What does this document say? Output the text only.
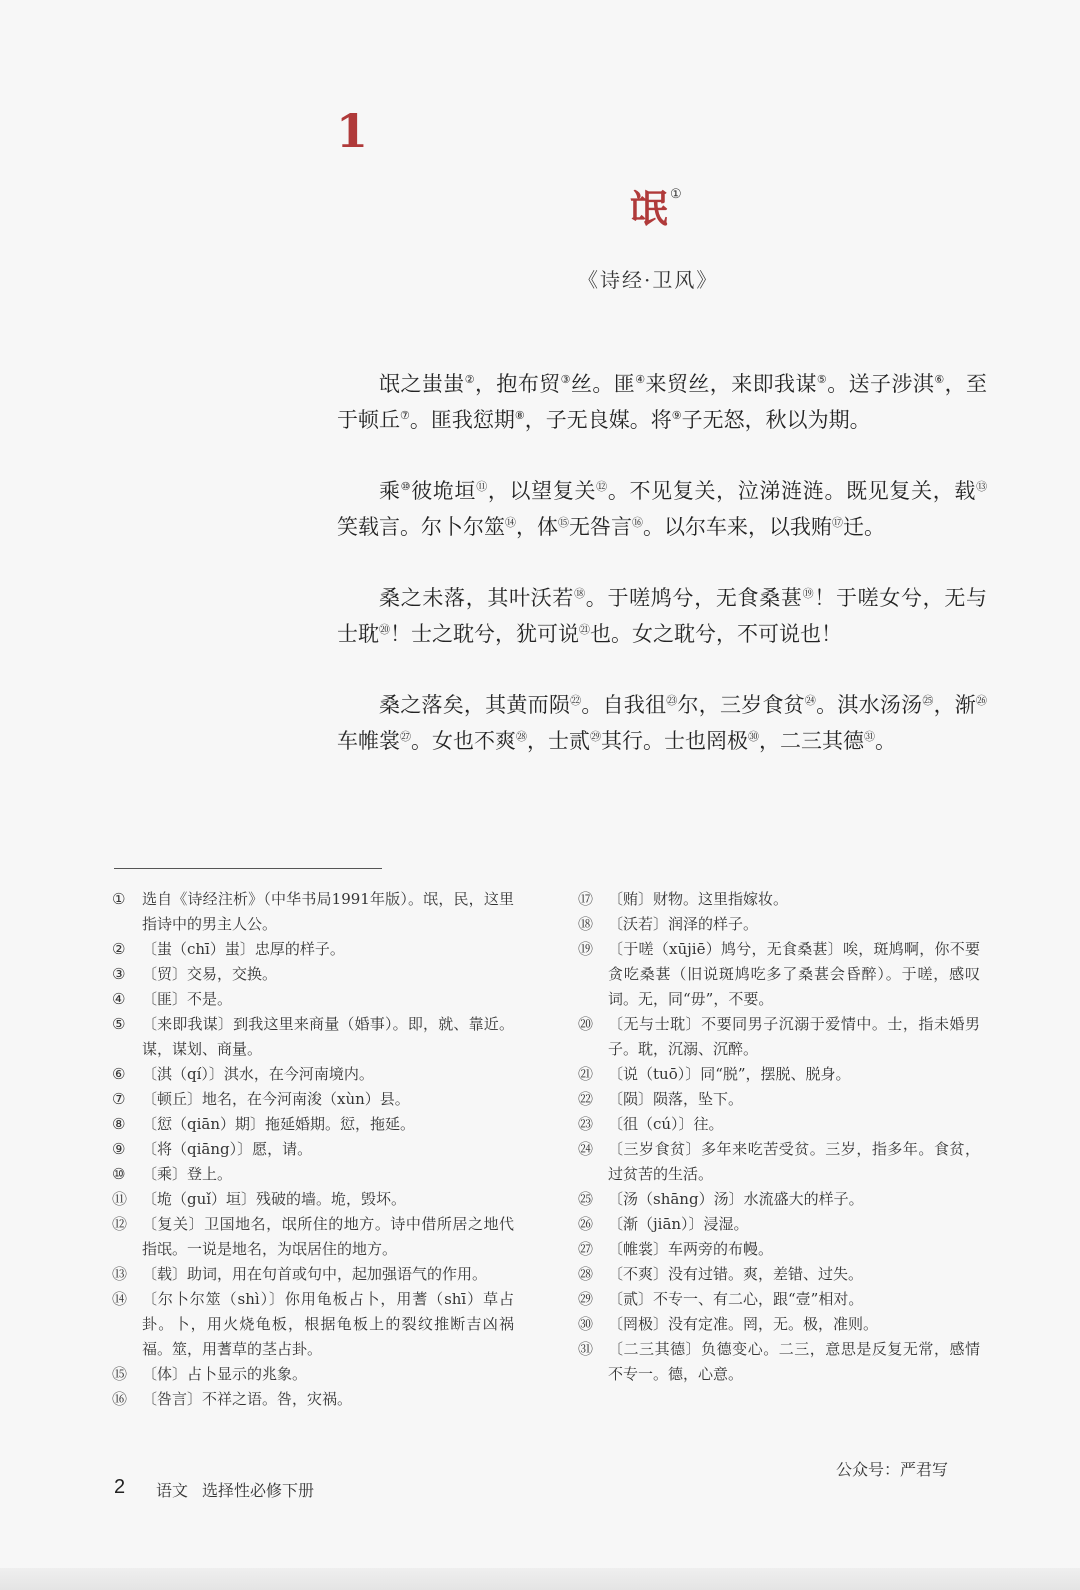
1
氓 ①
《诗经·卫风》

氓之蚩蚩②，抱布贸③丝。匪④来贸丝，来即我谋⑤。送子涉淇⑥，至于顿丘⑦。匪我愆期⑧，子无良媒。将⑨子无怒，秋以为期。

乘⑩彼垝垣⑪，以望复关⑫。不见复关，泣涕涟涟。既见复关，载⑬笑载言。尔卜尔筮⑭，体⑮无咎言⑯。以尔车来，以我贿⑰迁。

桑之未落，其叶沃若⑱。于嗟鸠兮，无食桑葚⑲！于嗟女兮，无与士耽⑳！士之耽兮，犹可说$^㉑$也。女之耽兮，不可说也！

桑之落矣，其黄而陨$^㉒$。自我徂$^㉓$尔，三岁食贫$^㉔$。淇水汤汤$^㉕$，渐$^㉖$车帷裳$^㉗$。女也不爽$^㉘$，士贰$^㉙$其行。士也罔极$^㉚$，二三其德$^㉛$。

①	选自《诗经注析》（中华书局1991年版）。氓，民，这里指诗中的男主人公。
②	〔蚩（chī）蚩〕忠厚的样子。
③	〔贸〕交易，交换。
④	〔匪〕不是。
⑤	〔来即我谋〕到我这里来商量（婚事）。即，就、靠近。谋，谋划、商量。
⑥	〔淇（qí）〕淇水，在今河南境内。
⑦	〔顿丘〕地名，在今河南浚（xùn）县。
⑧	〔愆（qiān）期〕拖延婚期。愆，拖延。
⑨	〔将（qiāng）〕愿，请。
⑩	〔乘〕登上。
⑪ 〔垝（guǐ）垣〕残破的墙。垝，毁坏。
⑫ 〔复关〕卫国地名，氓所住的地方。诗中借所居之地代指氓。一说是地名，为氓居住的地方。
⑬ 〔载〕助词，用在句首或句中，起加强语气的作用。
⑭ 〔尔卜尔筮（shì）〕你用龟板占卜，用蓍（shī）草占卦。卜，用火烧龟板，根据龟板上的裂纹推断吉凶祸福。筮，用蓍草的茎占卦。
⑮ 〔体〕占卜显示的兆象。
⑯ 〔咎言〕不祥之语。咎，灾祸。
⑰ 〔贿〕财物。这里指嫁妆。
⑱ 〔沃若〕润泽的样子。
⑲ 〔于嗟（xūjiē）鸠兮，无食桑葚〕唉，斑鸠啊，你不要贪吃桑葚（旧说斑鸠吃多了桑葚会昏醉）。于嗟，感叹词。无，同“毋”，不要。
⑳ 〔无与士耽〕不要同男子沉溺于爱情中。士，指未婚男子。耽，沉溺、沉醉。
㉑ 〔说（tuō）〕同“脱”，摆脱、脱身。
㉒ 〔陨〕陨落，坠下。
㉓ 〔徂（cú）〕往。
㉔ 〔三岁食贫〕多年来吃苦受贫。三岁，指多年。食贫，过贫苦的生活。
㉕ 〔汤（shāng）汤〕水流盛大的样子。
㉖ 〔渐（jiān）〕浸湿。
㉗ 〔帷裳〕车两旁的布幔。
㉘ 〔不爽〕没有过错。爽，差错、过失。
㉙ 〔贰〕不专一、有二心，跟“壹”相对。
㉚ 〔罔极〕没有定准。罔，无。极，准则。
㉛ 〔二三其德〕负德变心。二三，意思是反复无常，感情不专一。德，心意。
2 语文 选择性必修下册
公众号：严君写
